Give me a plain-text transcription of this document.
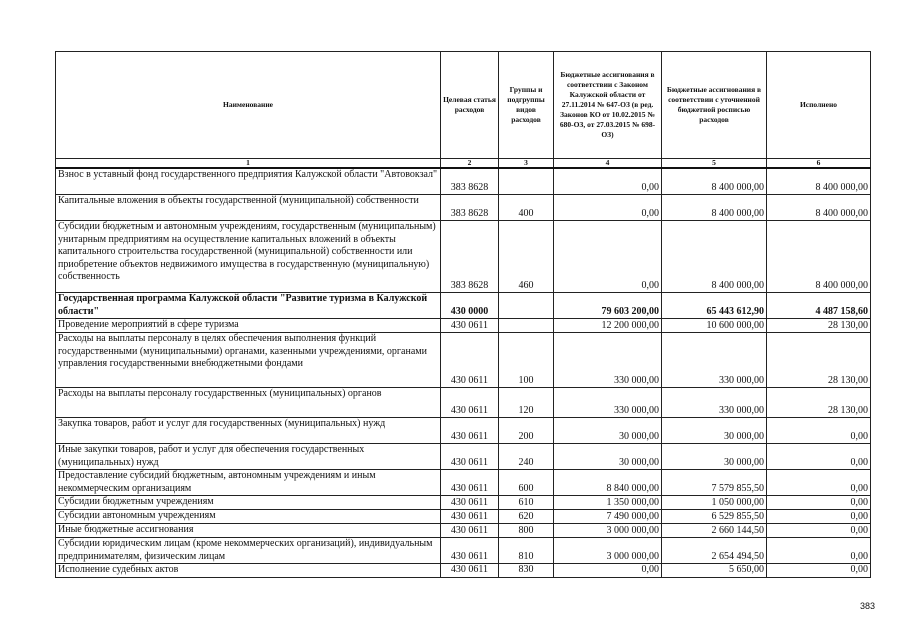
Наименование	Целевая статья расходов	Группы и подгруппы видов расходов	Бюджетные ассигнования в соответствии с Законом Калужской области от 27.11.2014 № 647-ОЗ (в ред. Законов КО от 10.02.2015 № 680-ОЗ, от 27.03.2015 № 698-ОЗ)	Бюджетные ассигнования в соответствии с уточненной бюджетной росписью расходов	Исполнено
1	2	3	4	5	6
Взнос в уставный фонд государственного предприятия Калужской области "Автовокзал"	383 8628		0,00	8 400 000,00	8 400 000,00
Капитальные вложения в объекты государственной (муниципальной) собственности	383 8628	400	0,00	8 400 000,00	8 400 000,00
Субсидии бюджетным и автономным учреждениям, государственным (муниципальным) унитарным предприятиям на осуществление капитальных вложений в объекты капитального строительства государственной (муниципальной) собственности или приобретение объектов недвижимого имущества в государственную (муниципальную) собственность	383 8628	460	0,00	8 400 000,00	8 400 000,00
Государственная программа Калужской области "Развитие туризма в Калужской области"	430 0000		79 603 200,00	65 443 612,90	4 487 158,60
Проведение мероприятий в сфере туризма	430 0611		12 200 000,00	10 600 000,00	28 130,00
Расходы на выплаты персоналу в целях обеспечения выполнения функций государственными (муниципальными) органами, казенными учреждениями, органами управления государственными внебюджетными фондами	430 0611	100	330 000,00	330 000,00	28 130,00
Расходы на выплаты персоналу государственных (муниципальных) органов	430 0611	120	330 000,00	330 000,00	28 130,00
Закупка товаров, работ и услуг для государственных (муниципальных) нужд	430 0611	200	30 000,00	30 000,00	0,00
Иные закупки товаров, работ и услуг для обеспечения государственных (муниципальных) нужд	430 0611	240	30 000,00	30 000,00	0,00
Предоставление субсидий бюджетным, автономным учреждениям и иным некоммерческим организациям	430 0611	600	8 840 000,00	7 579 855,50	0,00
Субсидии бюджетным учреждениям	430 0611	610	1 350 000,00	1 050 000,00	0,00
Субсидии автономным учреждениям	430 0611	620	7 490 000,00	6 529 855,50	0,00
Иные бюджетные ассигнования	430 0611	800	3 000 000,00	2 660 144,50	0,00
Субсидии юридическим лицам (кроме некоммерческих организаций), индивидуальным предпринимателям, физическим лицам	430 0611	810	3 000 000,00	2 654 494,50	0,00
Исполнение судебных актов	430 0611	830	0,00	5 650,00	0,00
383
